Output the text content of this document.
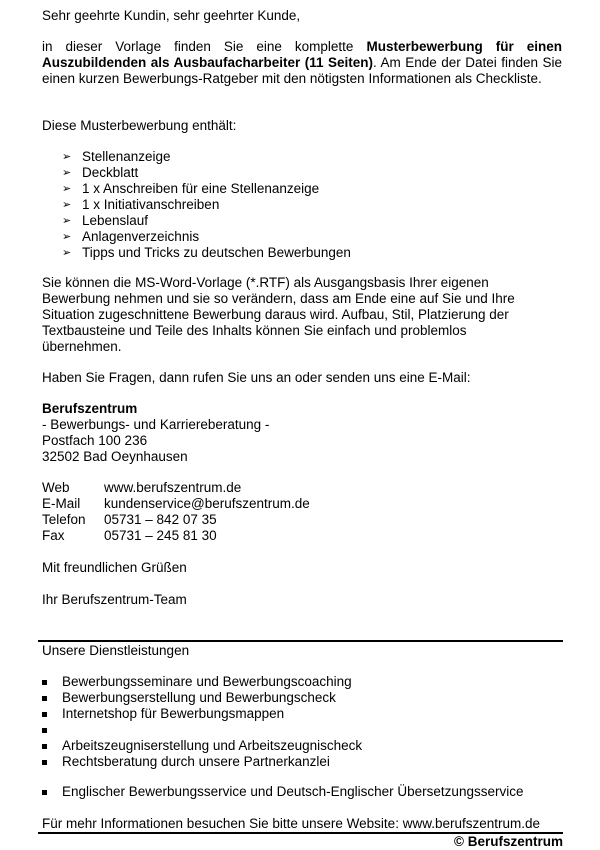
Sehr geehrte Kundin, sehr geehrter Kunde,

in dieser Vorlage finden Sie eine komplette Musterbewerbung für einen Auszubildenden als Ausbaufacharbeiter (11 Seiten). Am Ende der Datei finden Sie einen kurzen Bewerbungs-Ratgeber mit den nötigsten Informationen als Checkliste.

Diese Musterbewerbung enthält:

➢ Stellenanzeige
➢ Deckblatt
➢ 1 x Anschreiben für eine Stellenanzeige
➢ 1 x Initiativanschreiben
➢ Lebenslauf
➢ Anlagenverzeichnis
➢ Tipps und Tricks zu deutschen Bewerbungen
Sie können die MS-Word-Vorlage (*.RTF) als Ausgangsbasis Ihrer eigenen
Bewerbung nehmen und sie so verändern, dass am Ende eine auf Sie und Ihre
Situation zugeschnittene Bewerbung daraus wird. Aufbau, Stil, Platzierung der
Textbausteine und Teile des Inhalts können Sie einfach und problemlos
übernehmen.

Haben Sie Fragen, dann rufen Sie uns an oder senden uns eine E-Mail:

Berufszentrum
- Bewerbungs- und Karriereberatung -
Postfach 100 236
32502 Bad Oeynhausen
Web	www.berufszentrum.de
E-Mail	kundenservice@berufszentrum.de
Telefon	05731 – 842 07 35
Fax	05731 – 245 81 30

Mit freundlichen Grüßen

Ihr Berufszentrum-Team

Unsere Dienstleistungen

Bewerbungsseminare und Bewerbungscoaching
Bewerbungserstellung und Bewerbungscheck
Internetshop für Bewerbungsmappen
Arbeitszeugniserstellung und Arbeitszeugnischeck
Rechtsberatung durch unsere Partnerkanzlei
Englischer Bewerbungsservice und Deutsch-Englischer Übersetzungsservice

Für mehr Informationen besuchen Sie bitte unsere Website: www.berufszentrum.de

© Berufszentrum
